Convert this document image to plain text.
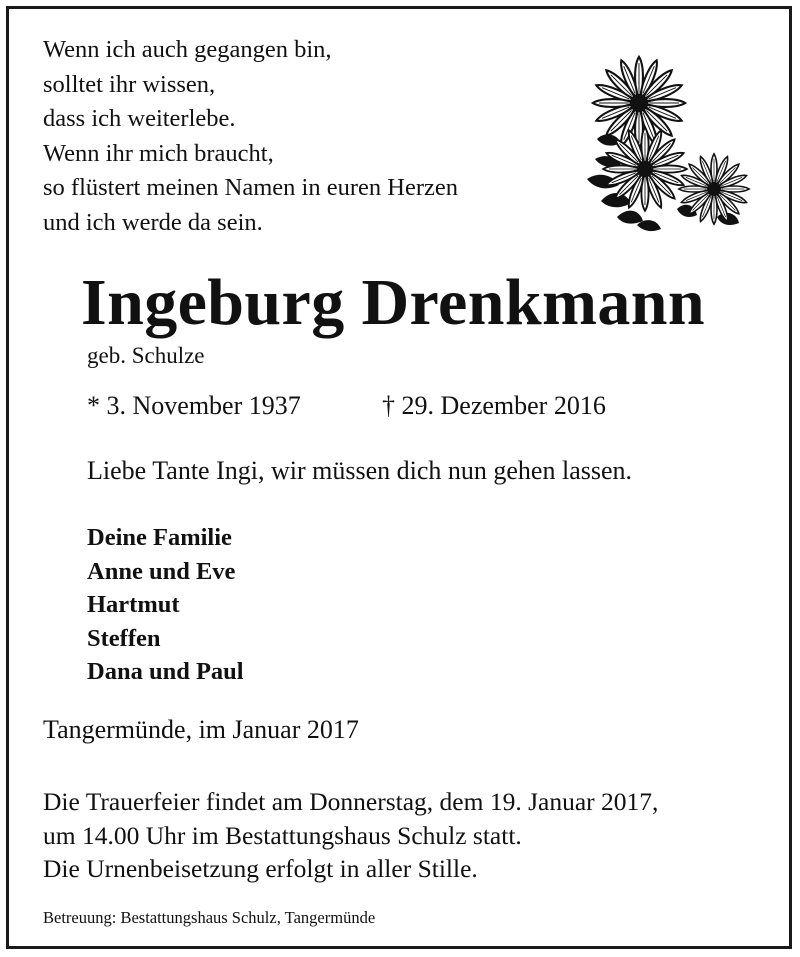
Wenn ich auch gegangen bin,
solltet ihr wissen,
dass ich weiterlebe.
Wenn ihr mich braucht,
so flüstert meinen Namen in euren Herzen
und ich werde da sein.
Ingeburg Drenkmann
geb. Schulze
* 3. November 1937	† 29. Dezember 2016
Liebe Tante Ingi, wir müssen dich nun gehen lassen.
Deine Familie
Anne und Eve
Hartmut
Steffen
Dana und Paul
Tangermünde, im Januar 2017
Die Trauerfeier findet am Donnerstag, dem 19. Januar 2017,
um 14.00 Uhr im Bestattungshaus Schulz statt.
Die Urnenbeisetzung erfolgt in aller Stille.
Betreuung: Bestattungshaus Schulz, Tangermünde
